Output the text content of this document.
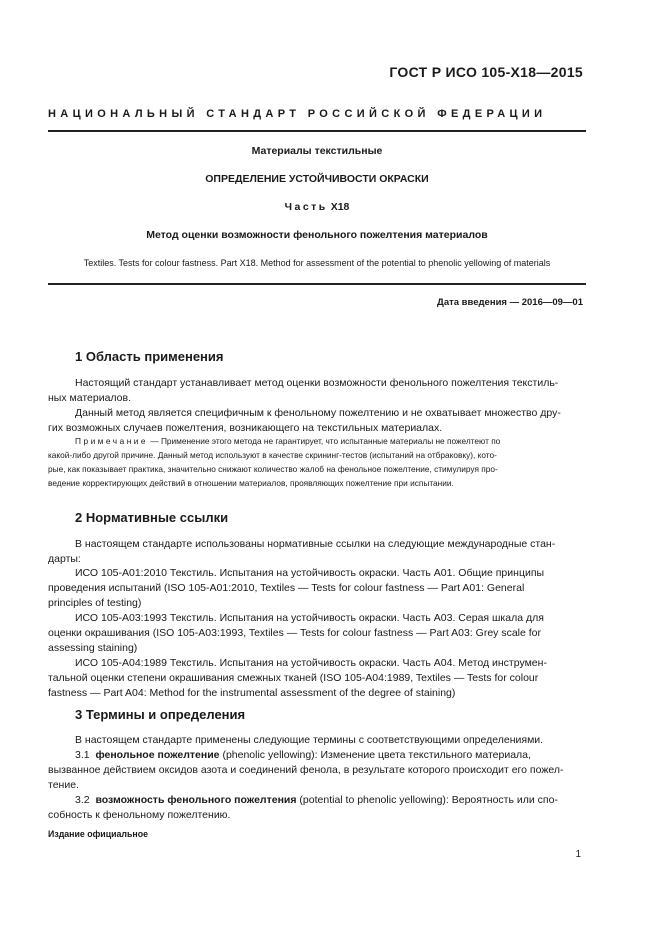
ГОСТ Р ИСО 105-Х18—2015
НАЦИОНАЛЬНЫЙ СТАНДАРТ РОССИЙСКОЙ ФЕДЕРАЦИИ
Материалы текстильные
ОПРЕДЕЛЕНИЕ УСТОЙЧИВОСТИ ОКРАСКИ
Часть Х18
Метод оценки возможности фенольного пожелтения материалов
Textiles. Tests for colour fastness. Part X18. Method for assessment of the potential to phenolic yellowing of materials
Дата введения — 2016—09—01
1 Область применения
Настоящий стандарт устанавливает метод оценки возможности фенольного пожелтения текстиль-
ных материалов.
Данный метод является специфичным к фенольному пожелтению и не охватывает множество дру-
гих возможных случаев пожелтения, возникающего на текстильных материалах.
Примечание — Применение этого метода не гарантирует, что испытанные материалы не пожелтеют по
какой-либо другой причине. Данный метод используют в качестве скрининг-тестов (испытаний на отбраковку), кото-
рые, как показывает практика, значительно снижают количество жалоб на фенольное пожелтение, стимулируя про-
ведение корректирующих действий в отношении материалов, проявляющих пожелтение при испытании.
2 Нормативные ссылки
В настоящем стандарте использованы нормативные ссылки на следующие международные стан-
дарты:
ИСО 105-А01:2010 Текстиль. Испытания на устойчивость окраски. Часть А01. Общие принципы
проведения испытаний (ISO 105-A01:2010, Textiles — Tests for colour fastness — Part A01: General
principles of testing)
ИСО 105-А03:1993 Текстиль. Испытания на устойчивость окраски. Часть А03. Серая шкала для
оценки окрашивания (ISO 105-A03:1993, Textiles — Tests for colour fastness — Part A03: Grey scale for
assessing staining)
ИСО 105-А04:1989 Текстиль. Испытания на устойчивость окраски. Часть А04. Метод инструмен-
тальной оценки степени окрашивания смежных тканей (ISO 105-A04:1989, Textiles — Tests for colour
fastness — Part A04: Method for the instrumental assessment of the degree of staining)
3 Термины и определения
В настоящем стандарте применены следующие термины с соответствующими определениями.
3.1 фенольное пожелтение (phenolic yellowing): Изменение цвета текстильного материала,
вызванное действием оксидов азота и соединений фенола, в результате которого происходит его пожел-
тение.
3.2 возможность фенольного пожелтения (potential to phenolic yellowing): Вероятность или спо-
собность к фенольному пожелтению.
Издание официальное
1
